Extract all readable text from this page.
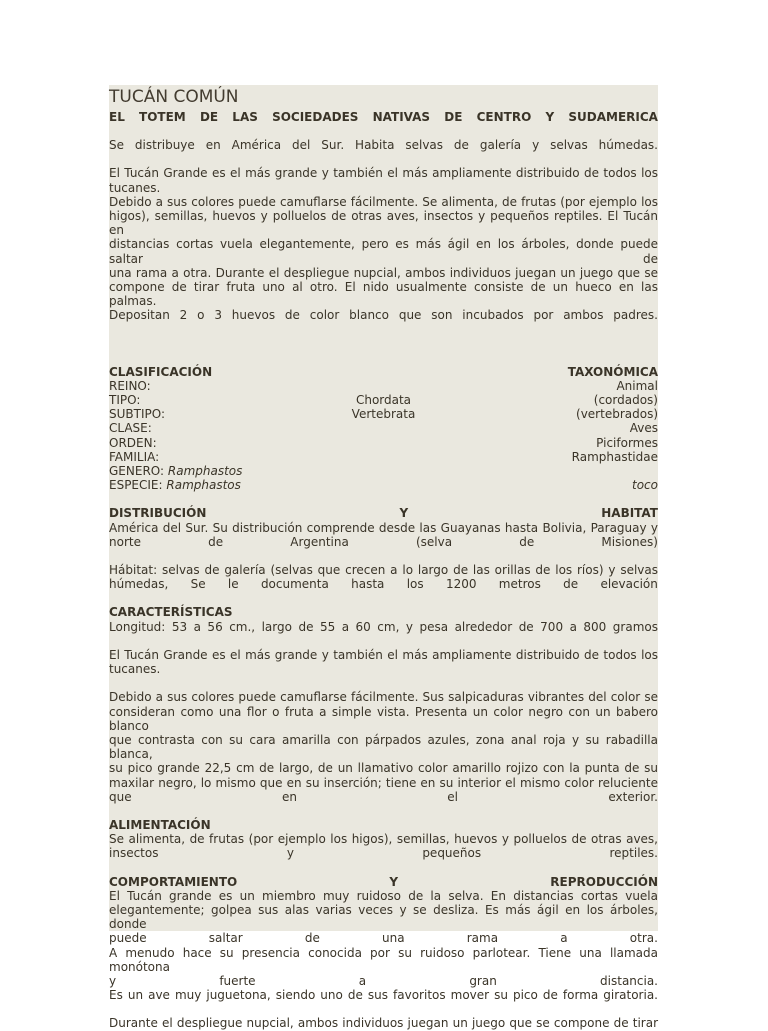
TUCÁN COMÚN
EL TOTEM DE LAS SOCIEDADES NATIVAS DE CENTRO Y SUDAMERICA

Se distribuye en América del Sur. Habita selvas de galería y selvas húmedas.

El Tucán Grande es el más grande y también el más ampliamente distribuido de todos los

tucanes.

Debido a sus colores puede camuflarse fácilmente. Se alimenta, de frutas (por ejemplo los

higos), semillas, huevos y polluelos de otras aves, insectos y pequeños reptiles. El Tucán en

distancias cortas vuela elegantemente, pero es más ágil en los árboles, donde puede saltar de

una rama a otra. Durante el despliegue nupcial, ambos individuos juegan un juego que se

compone de tirar fruta uno al otro. El nido usualmente consiste de un hueco en las palmas.

Depositan 2 o 3 huevos de color blanco que son incubados por ambos padres.

CLASIFICACIÓN	TAXONÓMICA
REINO:	Animal
TIPO:	Chordata	(cordados)
SUBTIPO:	Vertebrata	(vertebrados)
CLASE:	Aves
ORDEN:	Piciformes
FAMILIA:	Ramphastidae
GENERO: Ramphastos
ESPECIE: Ramphastos	toco
DISTRIBUCIÓN	Y	HABITAT

América del Sur. Su distribución comprende desde las Guayanas hasta Bolivia, Paraguay y

norte	de	Argentina	(selva	de	Misiones)

Hábitat: selvas de galería (selvas que crecen a lo largo de las orillas de los ríos) y selvas

húmedas, Se le documenta hasta los 1200 metros de elevación
CARACTERÍSTICAS

Longitud: 53 a 56 cm., largo de 55 a 60 cm, y pesa alrededor de 700 a 800 gramos

El Tucán Grande es el más grande y también el más ampliamente distribuido de todos los

tucanes.

Debido a sus colores puede camuflarse fácilmente. Sus salpicaduras vibrantes del color se

consideran como una flor o fruta a simple vista. Presenta un color negro con un babero blanco

que contrasta con su cara amarilla con párpados azules, zona anal roja y su rabadilla blanca,

su pico grande 22,5 cm de largo, de un llamativo color amarillo rojizo con la punta de su

maxilar negro, lo mismo que en su inserción; tiene en su interior el mismo color reluciente

que	en	el	exterior.
ALIMENTACIÓN

Se alimenta, de frutas (por ejemplo los higos), semillas, huevos y polluelos de otras aves,

insectos	y	pequeños	reptiles.
COMPORTAMIENTO	Y	REPRODUCCIÓN

El Tucán grande es un miembro muy ruidoso de la selva. En distancias cortas vuela

elegantemente; golpea sus alas varias veces y se desliza. Es más ágil en los árboles, donde

puede	saltar	de	una	rama	a	otra.

A menudo hace su presencia conocida por su ruidoso parlotear. Tiene una llamada monótona

y	fuerte	a	gran	distancia.

Es un ave muy juguetona, siendo uno de sus favoritos mover su pico de forma giratoria.

Durante el despliegue nupcial, ambos individuos juegan un juego que se compone de tirar
